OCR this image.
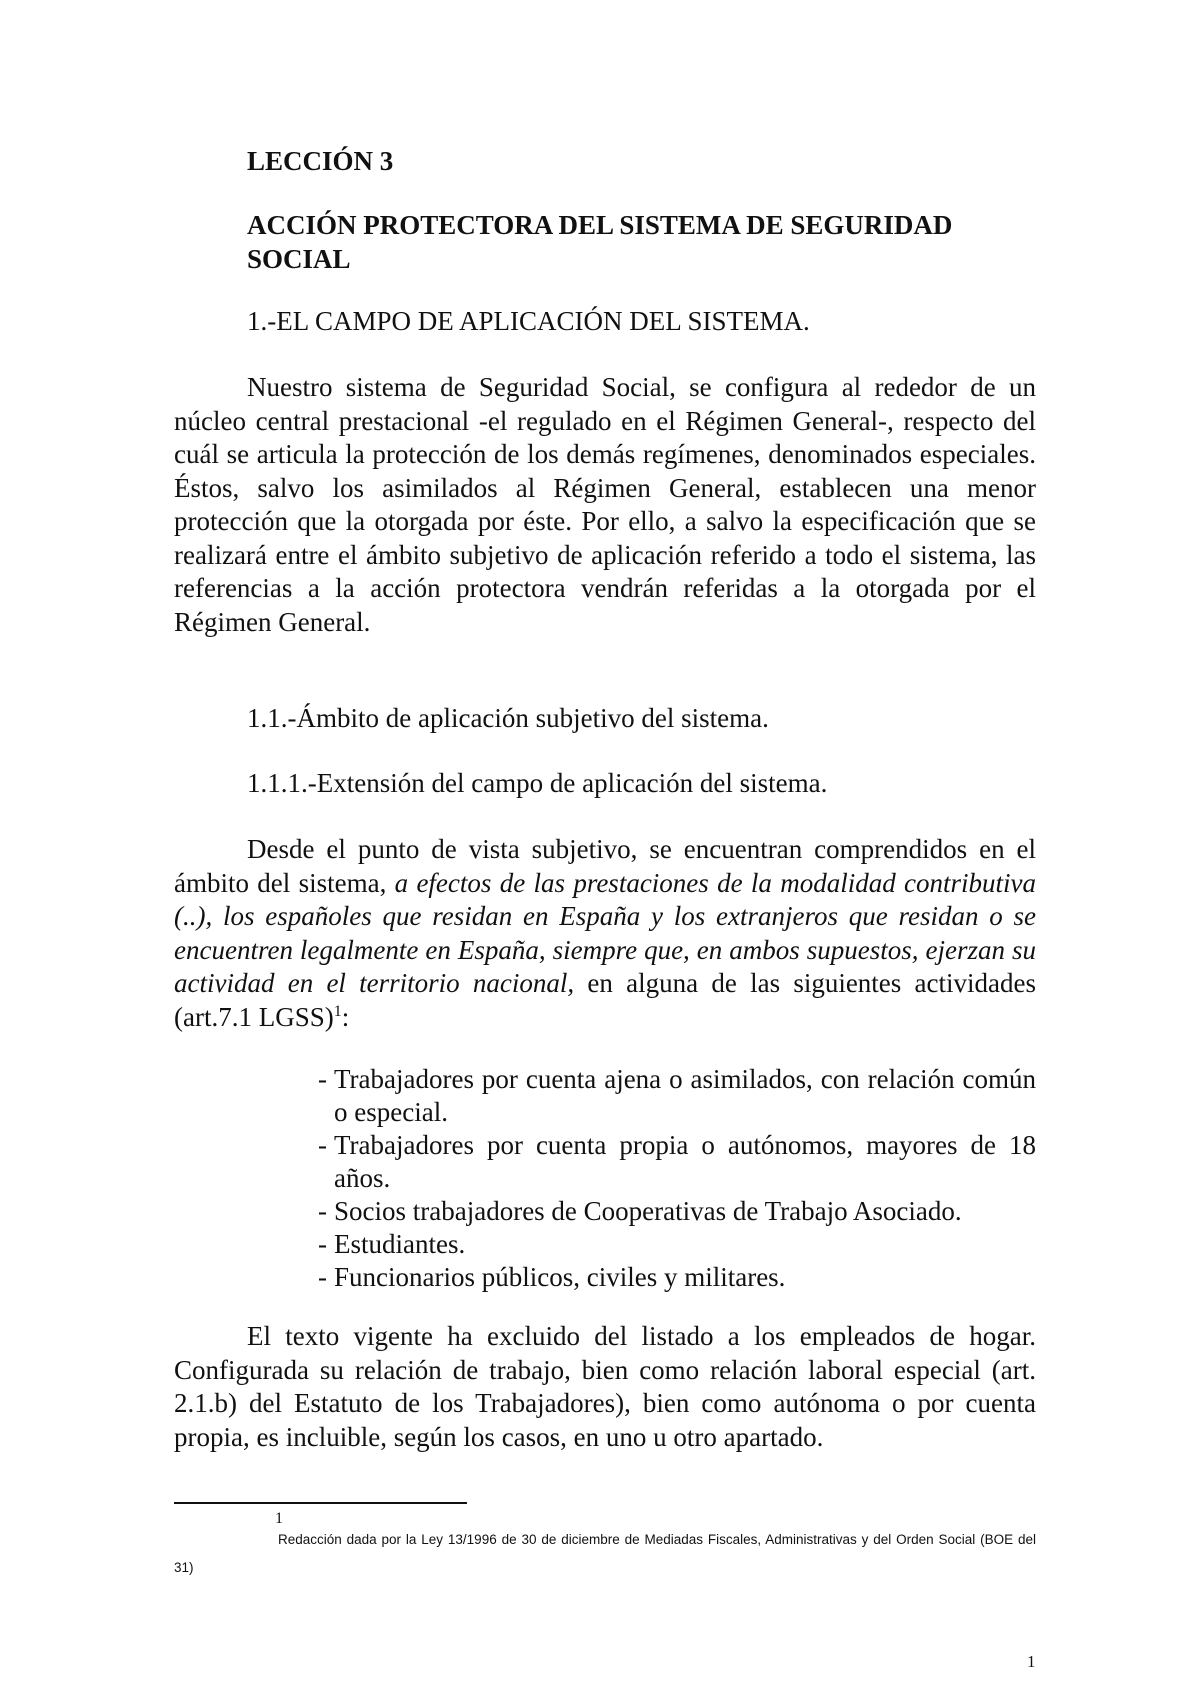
LECCIÓN 3
ACCIÓN PROTECTORA DEL SISTEMA DE SEGURIDAD SOCIAL
1.-EL CAMPO DE APLICACIÓN DEL SISTEMA.

Nuestro sistema de Seguridad Social, se configura al rededor de un núcleo central prestacional -el regulado en el Régimen General-, respecto del cuál se articula la protección de los demás regímenes, denominados especiales. Éstos, salvo los asimilados al Régimen General, establecen una menor protección que la otorgada por éste. Por ello, a salvo la especificación que se realizará entre el ámbito subjetivo de aplicación referido a todo el sistema, las referencias a la acción protectora vendrán referidas a la otorgada por el Régimen General.

1.1.-Ámbito de aplicación subjetivo del sistema.
1.1.1.-Extensión del campo de aplicación del sistema.

Desde el punto de vista subjetivo, se encuentran comprendidos en el ámbito del sistema, a efectos de las prestaciones de la modalidad contributiva (..), los españoles que residan en España y los extranjeros que residan o se encuentren legalmente en España, siempre que, en ambos supuestos, ejerzan su actividad en el territorio nacional, en alguna de las siguientes actividades (art.7.1 LGSS)$^1$:

- Trabajadores por cuenta ajena o asimilados, con relación común o especial.
- Trabajadores por cuenta propia o autónomos, mayores de 18 años.
- Socios trabajadores de Cooperativas de Trabajo Asociado.
- Estudiantes.
- Funcionarios públicos, civiles y militares.

El texto vigente ha excluido del listado a los empleados de hogar. Configurada su relación de trabajo, bien como relación laboral especial (art. 2.1.b) del Estatuto de los Trabajadores), bien como autónoma o por cuenta propia, es incluible, según los casos, en uno u otro apartado.

1

Redacción dada por la Ley 13/1996 de 30 de diciembre de Mediadas Fiscales, Administrativas y del Orden Social (BOE del 31)

1
